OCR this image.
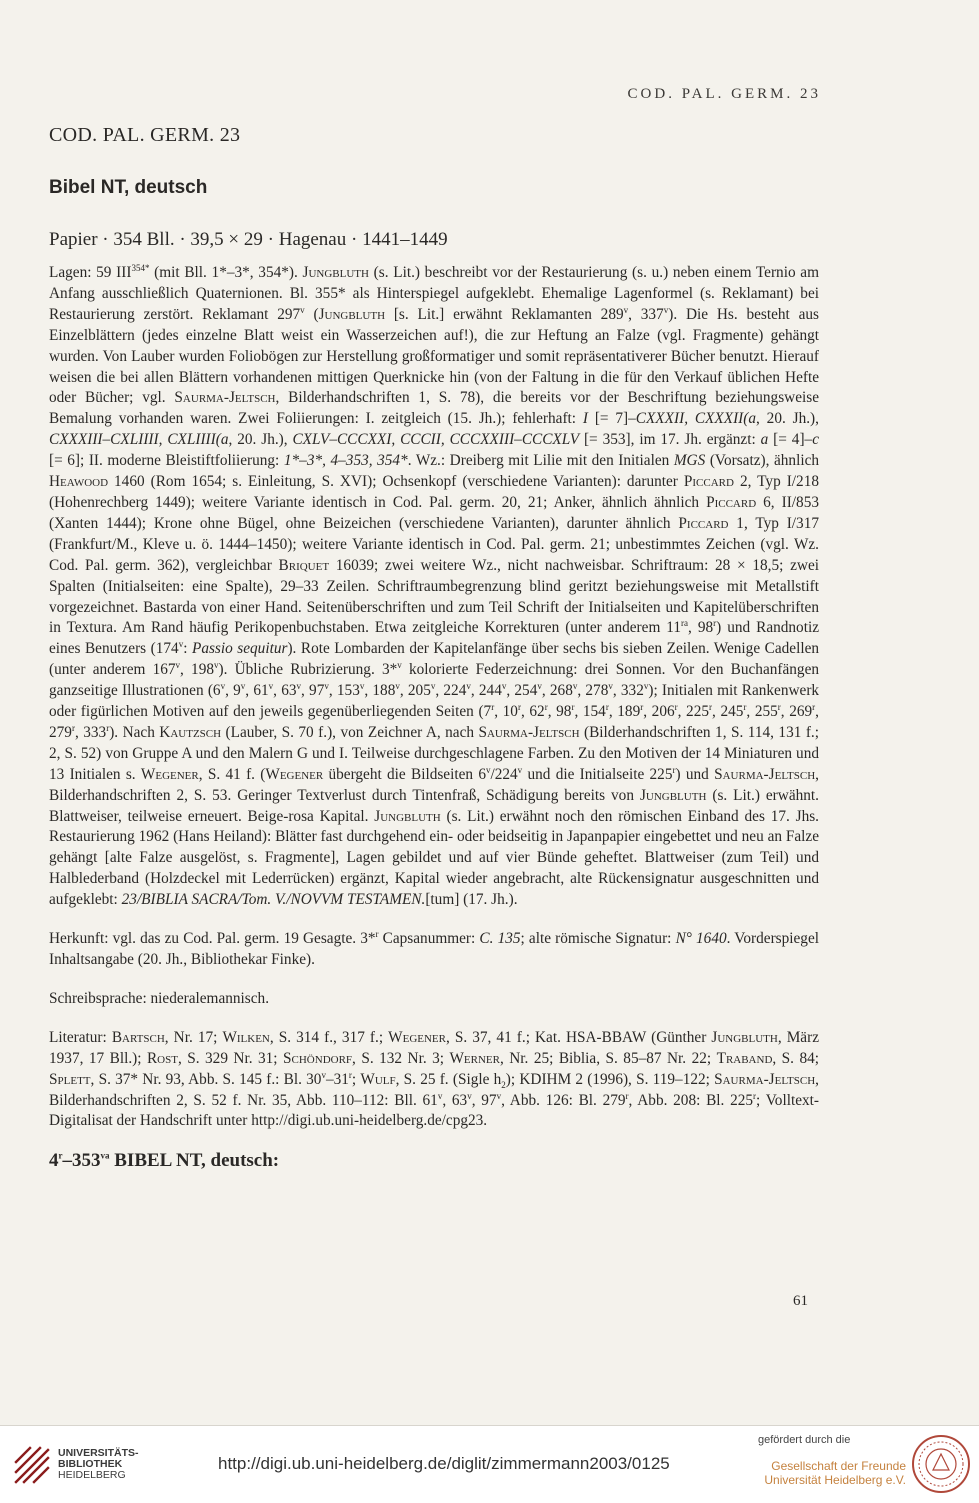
COD. PAL. GERM. 23
COD. PAL. GERM. 23
Bibel NT, deutsch

Papier · 354 Bll. · 39,5 × 29 · Hagenau · 1441–1449

Lagen: 59 $III^{354*}$ (mit Bll. 1*–3*, 354*). Jungbluth (s. Lit.) beschreibt vor der Restaurierung (s. u.) neben einem Ternio am Anfang ausschließlich Quaternionen. Bl. 355* als Hinterspiegel aufgeklebt. Ehemalige Lagenformel (s. Reklamant) bei Restaurierung zerstört. Reklamant 297$^v$ (Jungbluth [s. Lit.] erwähnt Reklamanten 289$^v$, 337$^v$). Die Hs. besteht aus Einzelblättern (jedes einzelne Blatt weist ein Wasserzeichen auf!), die zur Heftung an Falze (vgl. Fragmente) gehängt wurden. Von Lauber wurden Foliobögen zur Herstellung großformatiger und somit repräsentativerer Bücher benutzt. Hierauf weisen die bei allen Blättern vorhandenen mittigen Querknicke hin (von der Faltung in die für den Verkauf üblichen Hefte oder Bücher; vgl. Saurma-Jeltsch, Bilderhandschriften 1, S. 78), die bereits vor der Beschriftung beziehungsweise Bemalung vorhanden waren. Zwei Foliierungen: I. zeitgleich (15. Jh.); fehlerhaft: I [= 7]–CXXXII, CXXXII(a, 20. Jh.), CXXXIII–CXLIIII, CXLIIII(a, 20. Jh.), CXLV–CCCXXI, CCCII, CCCXXIII–CCCXLV [= 353], im 17. Jh. ergänzt: a [= 4]–c [= 6]; II. moderne Bleistiftfoliierung: 1*–3*, 4–353, 354*. Wz.: Dreiberg mit Lilie mit den Initialen MGS (Vorsatz), ähnlich Heawood 1460 (Rom 1654; s. Einleitung, S. XVI); Ochsenkopf (verschiedene Varianten): darunter Piccard 2, Typ I/218 (Hohenrechberg 1449); weitere Variante identisch in Cod. Pal. germ. 20, 21; Anker, ähnlich ähnlich Piccard 6, II/853 (Xanten 1444); Krone ohne Bügel, ohne Beizeichen (verschiedene Varianten), darunter ähnlich Piccard 1, Typ I/317 (Frankfurt/M., Kleve u. ö. 1444–1450); weitere Variante identisch in Cod. Pal. germ. 21; unbestimmtes Zeichen (vgl. Wz. Cod. Pal. germ. 362), vergleichbar Briquet 16039; zwei weitere Wz., nicht nachweisbar. Schriftraum: 28 × 18,5; zwei Spalten (Initialseiten: eine Spalte), 29–33 Zeilen. Schriftraumbegrenzung blind geritzt beziehungsweise mit Metallstift vorgezeichnet. Bastarda von einer Hand. Seitenüberschriften und zum Teil Schrift der Initialseiten und Kapitelüberschriften in Textura. Am Rand häufig Perikopenbuchstaben. Etwa zeitgleiche Korrekturen (unter anderem $11^{ra}$, 98$^r$) und Randnotiz eines Benutzers (174$^v$: Passio sequitur). Rote Lombarden der Kapitelanfänge über sechs bis sieben Zeilen. Wenige Cadellen (unter anderem 167$^v$, 198$^v$). Übliche Rubrizierung. 3*$^v$ kolorierte Federzeichnung: drei Sonnen. Vor den Buchanfängen ganzseitige Illustrationen (6$^v$, 9$^v$, 61$^v$, 63$^v$, 97$^v$, 153$^v$, 188$^v$, 205$^v$, 224$^v$, 244$^v$, 254$^v$, 268$^v$, 278$^v$, 332$^v$); Initialen mit Rankenwerk oder figürlichen Motiven auf den jeweils gegenüberliegenden Seiten (7$^r$, 10$^r$, 62$^r$, 98$^r$, 154$^r$, 189$^r$, 206$^r$, 225$^r$, 245$^r$, 255$^r$, 269$^r$, 279$^r$, 333$^r$). Nach Kautzsch (Lauber, S. 70 f.), von Zeichner A, nach Saurma-Jeltsch (Bilderhandschriften 1, S. 114, 131 f.; 2, S. 52) von Gruppe A und den Malern G und I. Teilweise durchgeschlagene Farben. Zu den Motiven der 14 Miniaturen und 13 Initialen s. Wegener, S. 41 f. (Wegener übergeht die Bildseiten 6$^v$/224$^v$ und die Initialseite 225$^r$) und Saurma-Jeltsch, Bilderhandschriften 2, S. 53. Geringer Textverlust durch Tintenfraß, Schädigung bereits von Jungbluth (s. Lit.) erwähnt. Blattweiser, teilweise erneuert. Beige-rosa Kapital. Jungbluth (s. Lit.) erwähnt noch den römischen Einband des 17. Jhs. Restaurierung 1962 (Hans Heiland): Blätter fast durchgehend ein- oder beidseitig in Japanpapier eingebettet und neu an Falze gehängt [alte Falze ausgelöst, s. Fragmente], Lagen gebildet und auf vier Bünde geheftet. Blattweiser (zum Teil) und Halblederband (Holzdeckel mit Lederrücken) ergänzt, Kapital wieder angebracht, alte Rückensignatur ausgeschnitten und aufgeklebt: 23/BIBLIA SACRA/Tom. V./NOVVM TESTAMEN.[tum] (17. Jh.).

Herkunft: vgl. das zu Cod. Pal. germ. 19 Gesagte. 3*$^r$ Capsanummer: C. 135; alte römische Signatur: N° 1640. Vorderspiegel Inhaltsangabe (20. Jh., Bibliothekar Finke).

Schreibsprache: niederalemannisch.

Literatur: Bartsch, Nr. 17; Wilken, S. 314 f., 317 f.; Wegener, S. 37, 41 f.; Kat. HSA-BBAW (Günther Jungbluth, März 1937, 17 Bll.); Rost, S. 329 Nr. 31; Schöndorf, S. 132 Nr. 3; Werner, Nr. 25; Biblia, S. 85–87 Nr. 22; Traband, S. 84; Splett, S. 37* Nr. 93, Abb. S. 145 f.: Bl. 30$^v$–31$^r$; Wulf, S. 25 f. (Sigle $h_2$); KDIHM 2 (1996), S. 119–122; Saurma-Jeltsch, Bilderhandschriften 2, S. 52 f. Nr. 35, Abb. 110–112: Bll. 61$^v$, 63$^v$, 97$^v$, Abb. 126: Bl. 279$^r$, Abb. 208: Bl. 225$^r$; Volltext-Digitalisat der Handschrift unter http://digi.ub.uni-heidelberg.de/cpg23.

$4^r-353^{va}$ BIBEL NT, deutsch:
61
UNIVERSITÄTS-
BIBLIOTHEK
HEIDELBERG
http://digi.ub.uni-heidelberg.de/diglit/zimmermann2003/0125
gefördert durch die
Gesellschaft der Freunde
Universität Heidelberg e.V.
